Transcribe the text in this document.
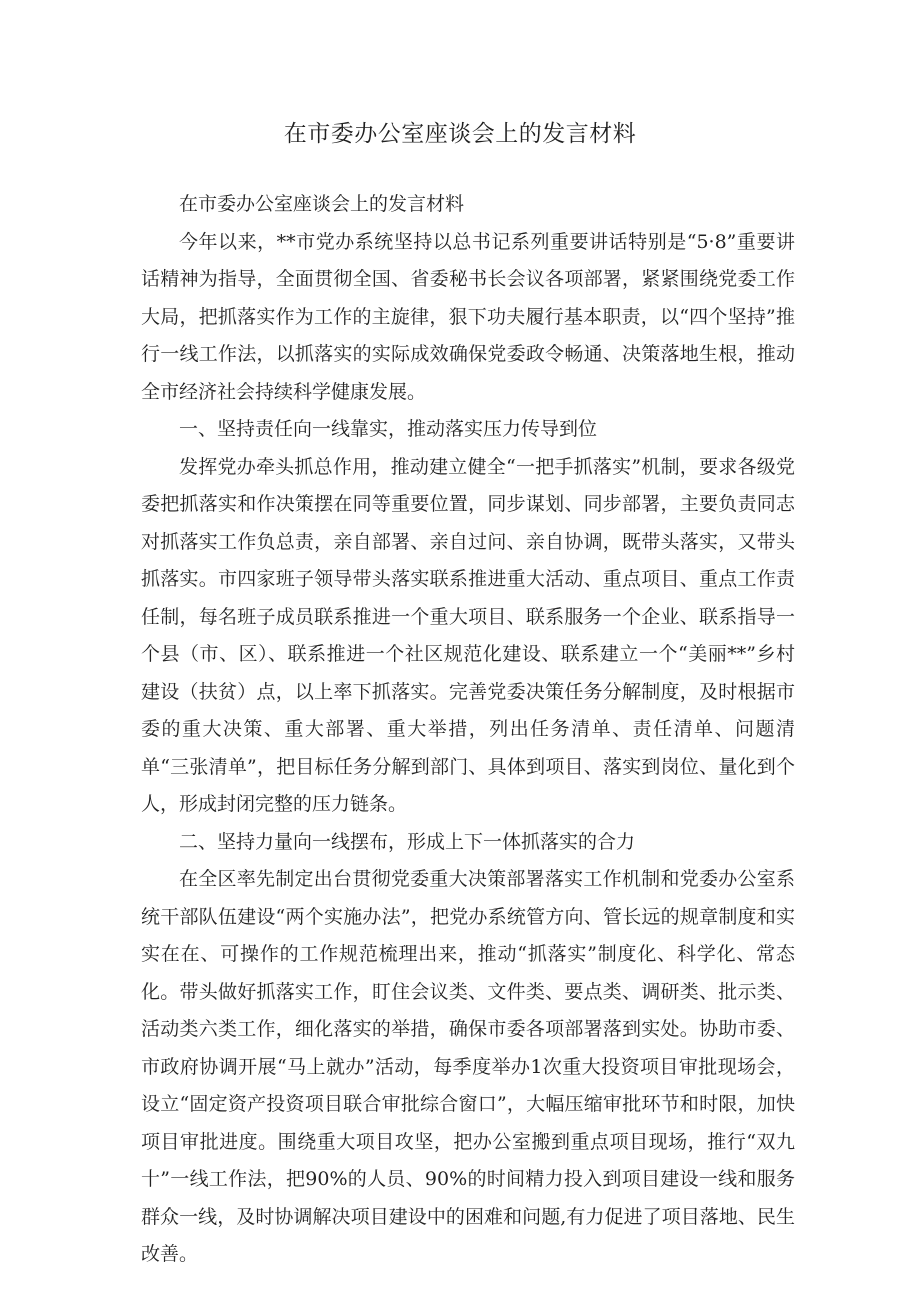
在市委办公室座谈会上的发言材料

在市委办公室座谈会上的发言材料

今年以来，**市党办系统坚持以总书记系列重要讲话特别是“5·8”重要讲话精神为指导，全面贯彻全国、省委秘书长会议各项部署，紧紧围绕党委工作大局，把抓落实作为工作的主旋律，狠下功夫履行基本职责，以“四个坚持”推行一线工作法，以抓落实的实际成效确保党委政令畅通、决策落地生根，推动全市经济社会持续科学健康发展。

一、坚持责任向一线靠实，推动落实压力传导到位

发挥党办牵头抓总作用，推动建立健全“一把手抓落实”机制，要求各级党委把抓落实和作决策摆在同等重要位置，同步谋划、同步部署，主要负责同志对抓落实工作负总责，亲自部署、亲自过问、亲自协调，既带头落实，又带头抓落实。市四家班子领导带头落实联系推进重大活动、重点项目、重点工作责任制，每名班子成员联系推进一个重大项目、联系服务一个企业、联系指导一个县（市、区）、联系推进一个社区规范化建设、联系建立一个“美丽**”乡村建设（扶贫）点，以上率下抓落实。完善党委决策任务分解制度，及时根据市委的重大决策、重大部署、重大举措，列出任务清单、责任清单、问题清单“三张清单”，把目标任务分解到部门、具体到项目、落实到岗位、量化到个人，形成封闭完整的压力链条。

二、坚持力量向一线摆布，形成上下一体抓落实的合力

在全区率先制定出台贯彻党委重大决策部署落实工作机制和党委办公室系统干部队伍建设“两个实施办法”，把党办系统管方向、管长远的规章制度和实实在在、可操作的工作规范梳理出来，推动“抓落实”制度化、科学化、常态化。带头做好抓落实工作，盯住会议类、文件类、要点类、调研类、批示类、活动类六类工作，细化落实的举措，确保市委各项部署落到实处。协助市委、市政府协调开展“马上就办”活动，每季度举办1次重大投资项目审批现场会，设立“固定资产投资项目联合审批综合窗口”，大幅压缩审批环节和时限，加快项目审批进度。围绕重大项目攻坚，把办公室搬到重点项目现场，推行“双九十”一线工作法，把90%的人员、90%的时间精力投入到项目建设一线和服务群众一线，及时协调解决项目建设中的困难和问题,有力促进了项目落地、民生改善。
